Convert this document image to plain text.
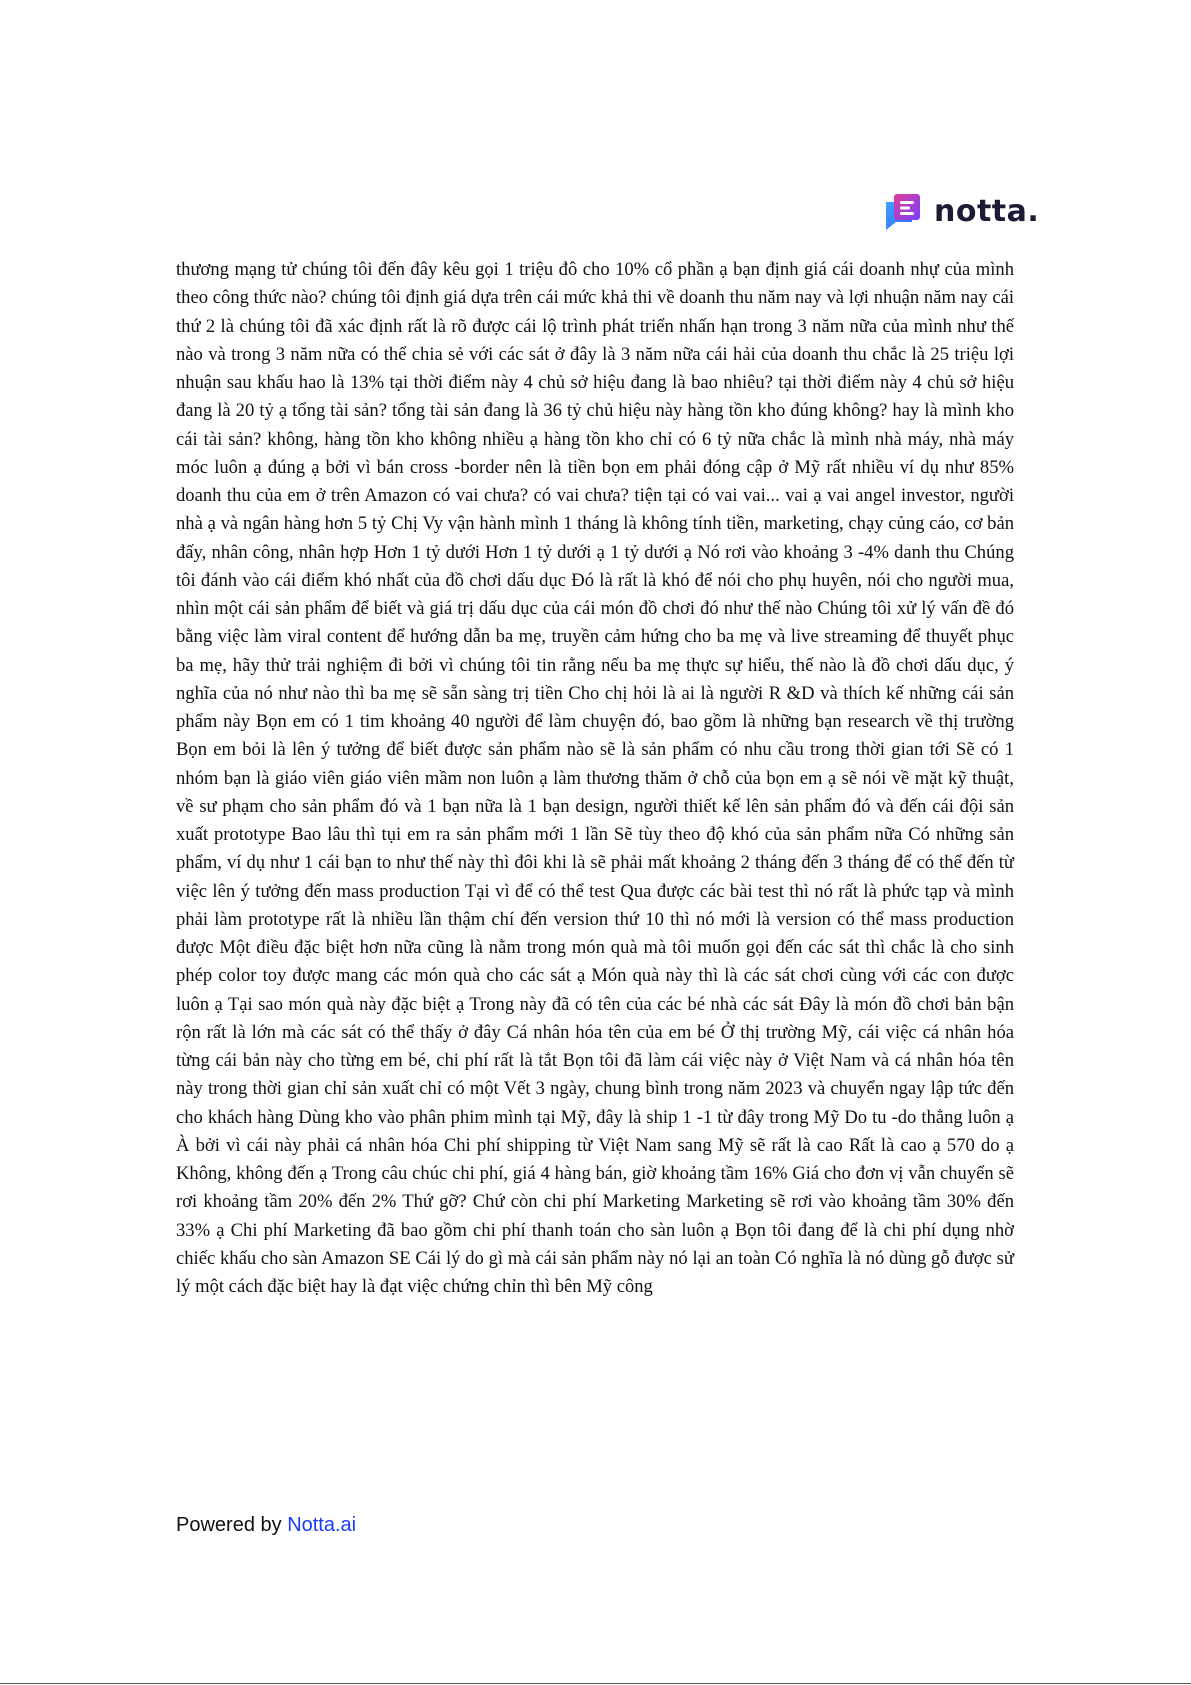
notta.
thương mạng tử chúng tôi đến đây kêu gọi 1 triệu đô cho 10% cổ phần ạ bạn định giá cái doanh nhự của mình theo công thức nào? chúng tôi định giá dựa trên cái mức khả thi về doanh thu năm nay và lợi nhuận năm nay cái thứ 2 là chúng tôi đã xác định rất là rõ được cái lộ trình phát triển nhấn hạn trong 3 năm nữa của mình như thế nào và trong 3 năm nữa có thể chia sẻ với các sát ở đây là 3 năm nữa cái hải của doanh thu chắc là 25 triệu lợi nhuận sau khấu hao là 13% tại thời điểm này 4 chủ sở hiệu đang là bao nhiêu? tại thời điểm này 4 chủ sở hiệu đang là 20 tỷ ạ tổng tài sản? tổng tài sản đang là 36 tỷ chủ hiệu này hàng tồn kho đúng không? hay là mình kho cái tài sản? không, hàng tồn kho không nhiều ạ hàng tồn kho chỉ có 6 tỷ nữa chắc là mình nhà máy, nhà máy móc luôn ạ đúng ạ bởi vì bán cross -border nên là tiền bọn em phải đóng cập ở Mỹ rất nhiều ví dụ như 85% doanh thu của em ở trên Amazon có vai chưa? có vai chưa? tiện tại có vai vai... vai ạ vai angel investor, người nhà ạ và ngân hàng hơn 5 tỷ Chị Vy vận hành mình 1 tháng là không tính tiền, marketing, chạy củng cáo, cơ bản đấy, nhân công, nhân hợp Hơn 1 tỷ dưới Hơn 1 tỷ dưới ạ 1 tỷ dưới ạ Nó rơi vào khoảng 3 -4% danh thu Chúng tôi đánh vào cái điểm khó nhất của đồ chơi dấu dục Đó là rất là khó để nói cho phụ huyên, nói cho người mua, nhìn một cái sản phẩm để biết và giá trị dấu dục của cái món đồ chơi đó như thế nào Chúng tôi xử lý vấn đề đó bằng việc làm viral content để hướng dẫn ba mẹ, truyền cảm hứng cho ba mẹ và live streaming để thuyết phục ba mẹ, hãy thử trải nghiệm đi bởi vì chúng tôi tin rằng nếu ba mẹ thực sự hiểu, thế nào là đồ chơi dấu dục, ý nghĩa của nó như nào thì ba mẹ sẽ sẵn sàng trị tiền Cho chị hỏi là ai là người R &D và thích kế những cái sản phẩm này Bọn em có 1 tim khoảng 40 người để làm chuyện đó, bao gồm là những bạn research về thị trường Bọn em bỏi là lên ý tưởng để biết được sản phẩm nào sẽ là sản phẩm có nhu cầu trong thời gian tới Sẽ có 1 nhóm bạn là giáo viên giáo viên mầm non luôn ạ làm thương thăm ở chỗ của bọn em ạ sẽ nói về mặt kỹ thuật, về sư phạm cho sản phẩm đó và 1 bạn nữa là 1 bạn design, người thiết kế lên sản phẩm đó và đến cái đội sản xuất prototype Bao lâu thì tụi em ra sản phẩm mới 1 lần Sẽ tùy theo độ khó của sản phẩm nữa Có những sản phẩm, ví dụ như 1 cái bạn to như thế này thì đôi khi là sẽ phải mất khoảng 2 tháng đến 3 tháng để có thể đến từ việc lên ý tưởng đến mass production Tại vì để có thể test Qua được các bài test thì nó rất là phức tạp và mình phải làm prototype rất là nhiều lần thậm chí đến version thứ 10 thì nó mới là version có thể mass production được Một điều đặc biệt hơn nữa cũng là nằm trong món quà mà tôi muốn gọi đến các sát thì chắc là cho sinh phép color toy được mang các món quà cho các sát ạ Món quà này thì là các sát chơi cùng với các con được luôn ạ Tại sao món quà này đặc biệt ạ Trong này đã có tên của các bé nhà các sát Đây là món đồ chơi bản bận rộn rất là lớn mà các sát có thể thấy ở đây Cá nhân hóa tên của em bé Ở thị trường Mỹ, cái việc cá nhân hóa từng cái bản này cho từng em bé, chi phí rất là tắt Bọn tôi đã làm cái việc này ở Việt Nam và cá nhân hóa tên này trong thời gian chỉ sản xuất chỉ có một Vết 3 ngày, chung bình trong năm 2023 và chuyển ngay lập tức đến cho khách hàng Dùng kho vào phân phim mình tại Mỹ, đây là ship 1 -1 từ đây trong Mỹ Do tu -do thẳng luôn ạ À bởi vì cái này phải cá nhân hóa Chi phí shipping từ Việt Nam sang Mỹ sẽ rất là cao Rất là cao ạ 570 do ạ Không, không đến ạ Trong câu chúc chi phí, giá 4 hàng bán, giờ khoảng tầm 16% Giá cho đơn vị vẫn chuyển sẽ rơi khoảng tầm 20% đến 2% Thứ gỡ? Chứ còn chi phí Marketing Marketing sẽ rơi vào khoảng tầm 30% đến 33% ạ Chi phí Marketing đã bao gồm chi phí thanh toán cho sàn luôn ạ Bọn tôi đang để là chi phí dụng nhờ chiếc khấu cho sàn Amazon SE Cái lý do gì mà cái sản phẩm này nó lại an toàn Có nghĩa là nó dùng gỗ được sử lý một cách đặc biệt hay là đạt việc chứng chỉn thì bên Mỹ công
Powered by Notta.ai
